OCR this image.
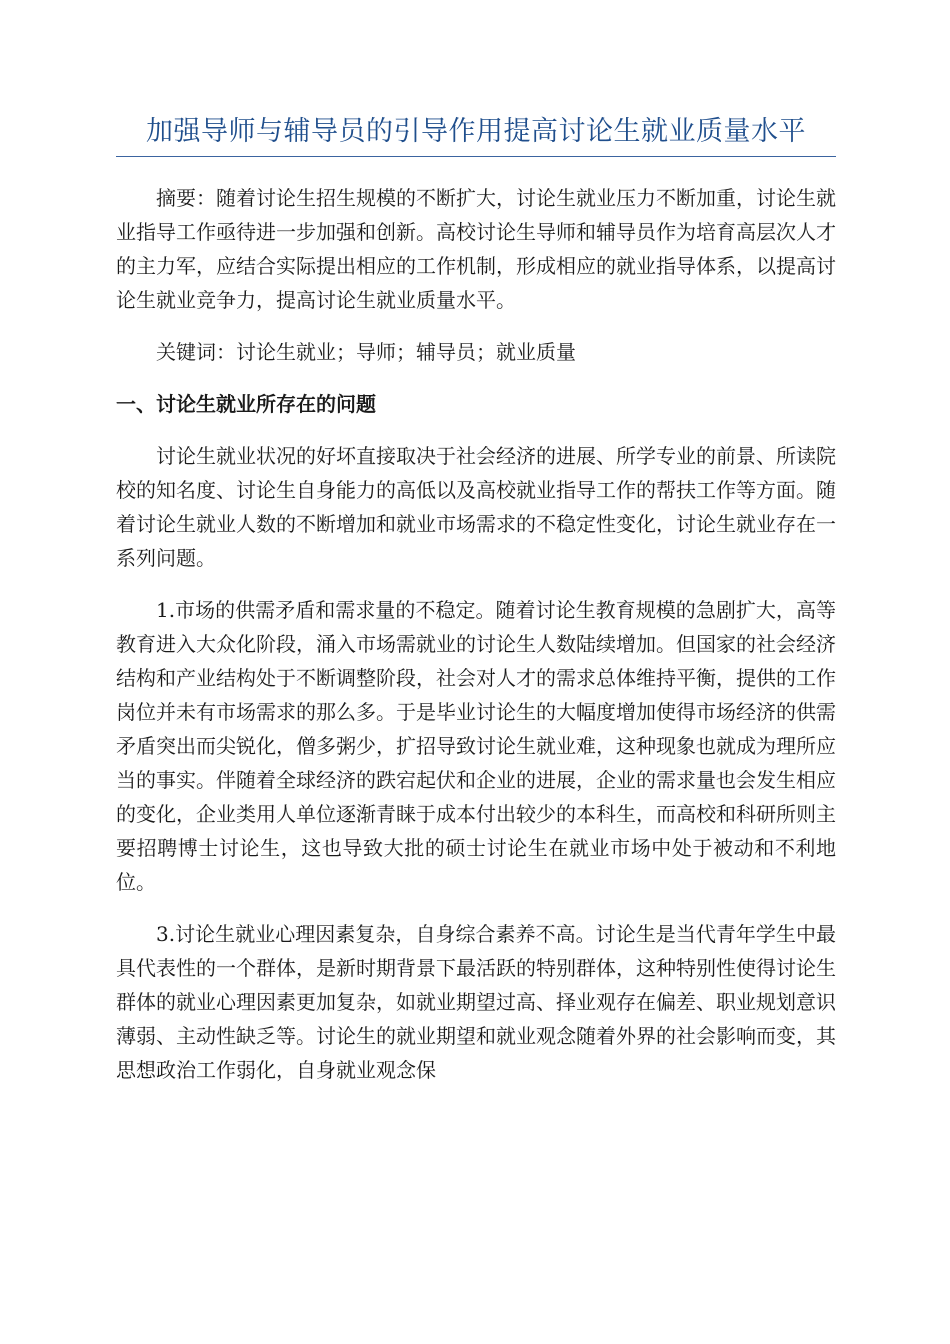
加强导师与辅导员的引导作用提高讨论生就业质量水平

摘要：随着讨论生招生规模的不断扩大，讨论生就业压力不断加重，讨论生就业指导工作亟待进一步加强和创新。高校讨论生导师和辅导员作为培育高层次人才的主力军，应结合实际提出相应的工作机制，形成相应的就业指导体系，以提高讨论生就业竞争力，提高讨论生就业质量水平。

关键词：讨论生就业；导师；辅导员；就业质量

一、讨论生就业所存在的问题

讨论生就业状况的好坏直接取决于社会经济的进展、所学专业的前景、所读院校的知名度、讨论生自身能力的高低以及高校就业指导工作的帮扶工作等方面。随着讨论生就业人数的不断增加和就业市场需求的不稳定性变化，讨论生就业存在一系列问题。

1.市场的供需矛盾和需求量的不稳定。随着讨论生教育规模的急剧扩大，高等教育进入大众化阶段，涌入市场需就业的讨论生人数陆续增加。但国家的社会经济结构和产业结构处于不断调整阶段，社会对人才的需求总体维持平衡，提供的工作岗位并未有市场需求的那么多。于是毕业讨论生的大幅度增加使得市场经济的供需矛盾突出而尖锐化，僧多粥少，扩招导致讨论生就业难，这种现象也就成为理所应当的事实。伴随着全球经济的跌宕起伏和企业的进展，企业的需求量也会发生相应的变化，企业类用人单位逐渐青睐于成本付出较少的本科生，而高校和科研所则主要招聘博士讨论生，这也导致大批的硕士讨论生在就业市场中处于被动和不利地位。

3.讨论生就业心理因素复杂，自身综合素养不高。讨论生是当代青年学生中最具代表性的一个群体，是新时期背景下最活跃的特别群体，这种特别性使得讨论生群体的就业心理因素更加复杂，如就业期望过高、择业观存在偏差、职业规划意识薄弱、主动性缺乏等。讨论生的就业期望和就业观念随着外界的社会影响而变，其思想政治工作弱化，自身就业观念保
